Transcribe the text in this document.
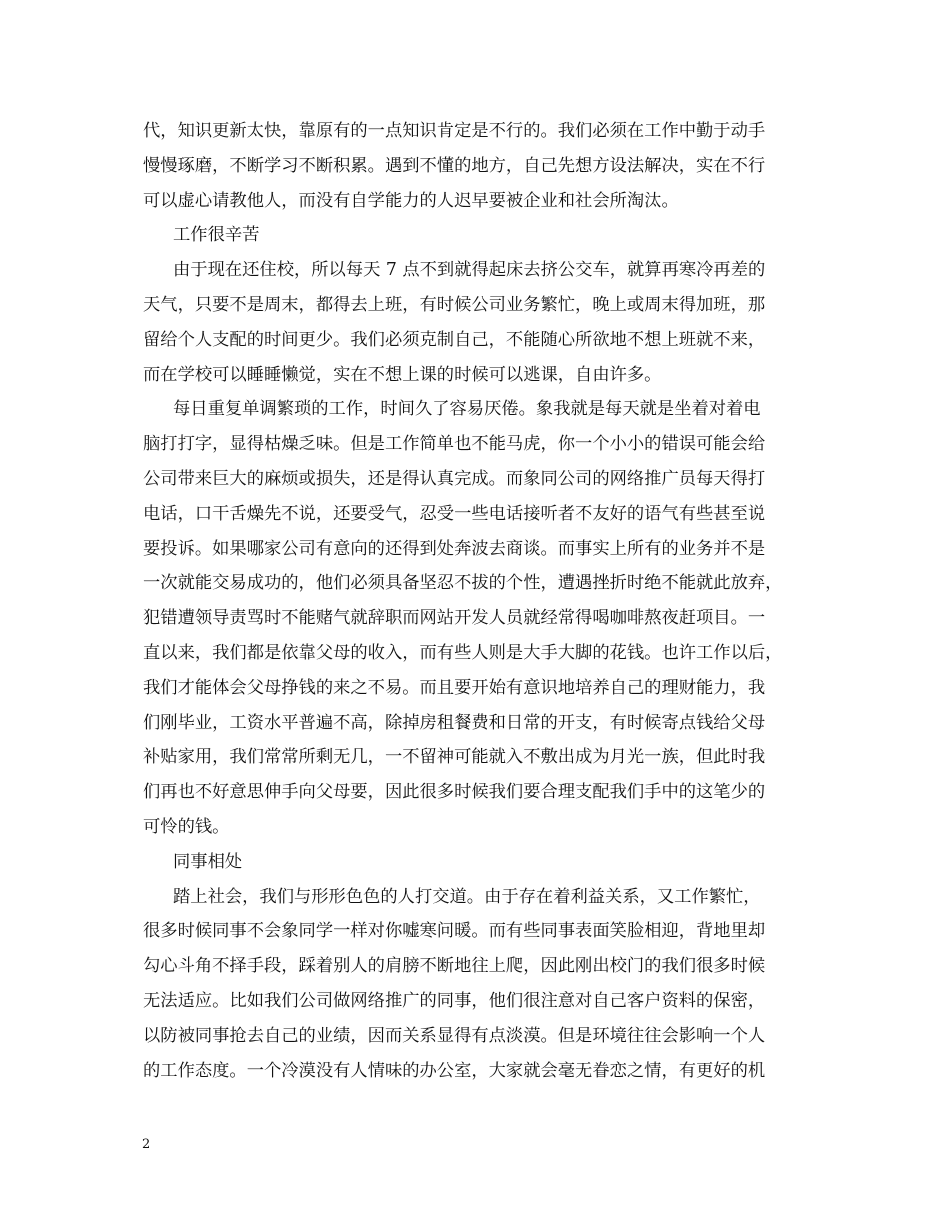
代，知识更新太快，靠原有的一点知识肯定是不行的。我们必须在工作中勤于动手
慢慢琢磨，不断学习不断积累。遇到不懂的地方，自己先想方设法解决，实在不行
可以虚心请教他人，而没有自学能力的人迟早要被企业和社会所淘汰。
工作很辛苦
由于现在还住校，所以每天 7 点不到就得起床去挤公交车，就算再寒冷再差的
天气，只要不是周末，都得去上班，有时候公司业务繁忙，晚上或周末得加班，那
留给个人支配的时间更少。我们必须克制自己，不能随心所欲地不想上班就不来，
而在学校可以睡睡懒觉，实在不想上课的时候可以逃课，自由许多。
每日重复单调繁琐的工作，时间久了容易厌倦。象我就是每天就是坐着对着电
脑打打字，显得枯燥乏味。但是工作简单也不能马虎，你一个小小的错误可能会给
公司带来巨大的麻烦或损失，还是得认真完成。而象同公司的网络推广员每天得打
电话，口干舌燥先不说，还要受气，忍受一些电话接听者不友好的语气有些甚至说
要投诉。如果哪家公司有意向的还得到处奔波去商谈。而事实上所有的业务并不是
一次就能交易成功的，他们必须具备坚忍不拔的个性，遭遇挫折时绝不能就此放弃，
犯错遭领导责骂时不能赌气就辞职而网站开发人员就经常得喝咖啡熬夜赶项目。一
直以来，我们都是依靠父母的收入，而有些人则是大手大脚的花钱。也许工作以后，
我们才能体会父母挣钱的来之不易。而且要开始有意识地培养自己的理财能力，我
们刚毕业，工资水平普遍不高，除掉房租餐费和日常的开支，有时候寄点钱给父母
补贴家用，我们常常所剩无几，一不留神可能就入不敷出成为月光一族，但此时我
们再也不好意思伸手向父母要，因此很多时候我们要合理支配我们手中的这笔少的
可怜的钱。
同事相处
踏上社会，我们与形形色色的人打交道。由于存在着利益关系，又工作繁忙，
很多时候同事不会象同学一样对你嘘寒问暖。而有些同事表面笑脸相迎，背地里却
勾心斗角不择手段，踩着别人的肩膀不断地往上爬，因此刚出校门的我们很多时候
无法适应。比如我们公司做网络推广的同事，他们很注意对自己客户资料的保密，
以防被同事抢去自己的业绩，因而关系显得有点淡漠。但是环境往往会影响一个人
的工作态度。一个冷漠没有人情味的办公室，大家就会毫无眷恋之情，有更好的机
2
